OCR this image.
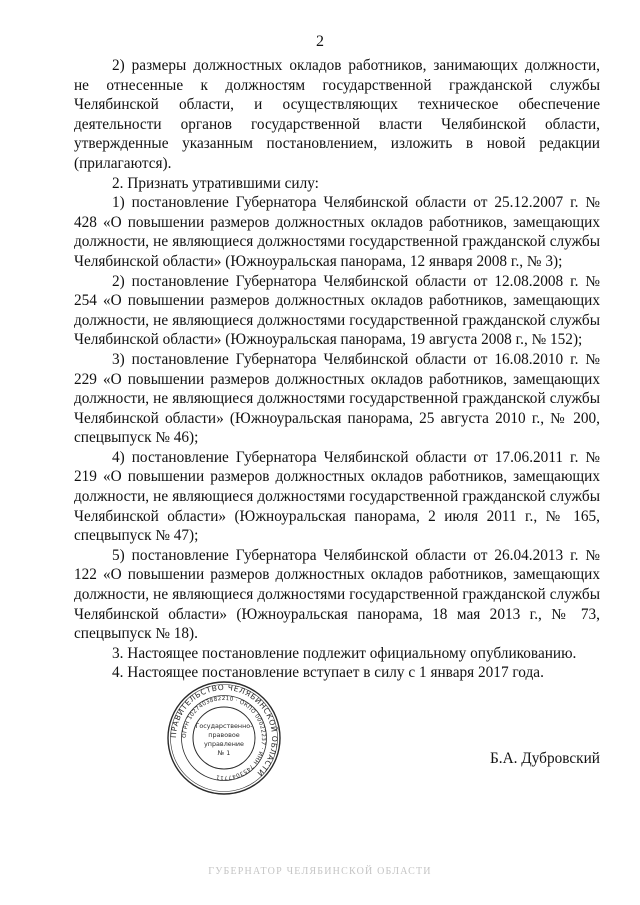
2

2) размеры должностных окладов работников, занимающих должности, не отнесенные к должностям государственной гражданской службы Челябинской области, и осуществляющих техническое обеспечение деятельности органов государственной власти Челябинской области, утвержденные указанным постановлением, изложить в новой редакции (прилагаются).

2. Признать утратившими силу:

1) постановление Губернатора Челябинской области от 25.12.2007 г. № 428 «О повышении размеров должностных окладов работников, замещающих должности, не являющиеся должностями государственной гражданской службы Челябинской области» (Южноуральская панорама, 12 января 2008 г., № 3);

2) постановление Губернатора Челябинской области от 12.08.2008 г. № 254 «О повышении размеров должностных окладов работников, замещающих должности, не являющиеся должностями государственной гражданской службы Челябинской области» (Южноуральская панорама, 19 августа 2008 г., № 152);

3) постановление Губернатора Челябинской области от 16.08.2010 г. № 229 «О повышении размеров должностных окладов работников, замещающих должности, не являющиеся должностями государственной гражданской службы Челябинской области» (Южноуральская панорама, 25 августа 2010 г., № 200, спецвыпуск № 46);

4) постановление Губернатора Челябинской области от 17.06.2011 г. № 219 «О повышении размеров должностных окладов работников, замещающих должности, не являющиеся должностями государственной гражданской службы Челябинской области» (Южноуральская панорама, 2 июля 2011 г., № 165, спецвыпуск № 47);

5) постановление Губернатора Челябинской области от 26.04.2013 г. № 122 «О повышении размеров должностных окладов работников, замещающих должности, не являющиеся должностями государственной гражданской службы Челябинской области» (Южноуральская панорама, 18 мая 2013 г., № 73, спецвыпуск № 18).

3. Настоящее постановление подлежит официальному опубликованию.

4. Настоящее постановление вступает в силу с 1 января 2017 года.

ПРАВИТЕЛЬСТВО ЧЕЛЯБИНСКОЙ ОБЛАСТИ
ОГРН 1027403882210 · ОКПО 00022237 · ИНН 7453047711
Государственно-
правовое
управление
№ 1	Б.А. Дубровский
ГУБЕРНАТОР ЧЕЛЯБИНСКОЙ ОБЛАСТИ
